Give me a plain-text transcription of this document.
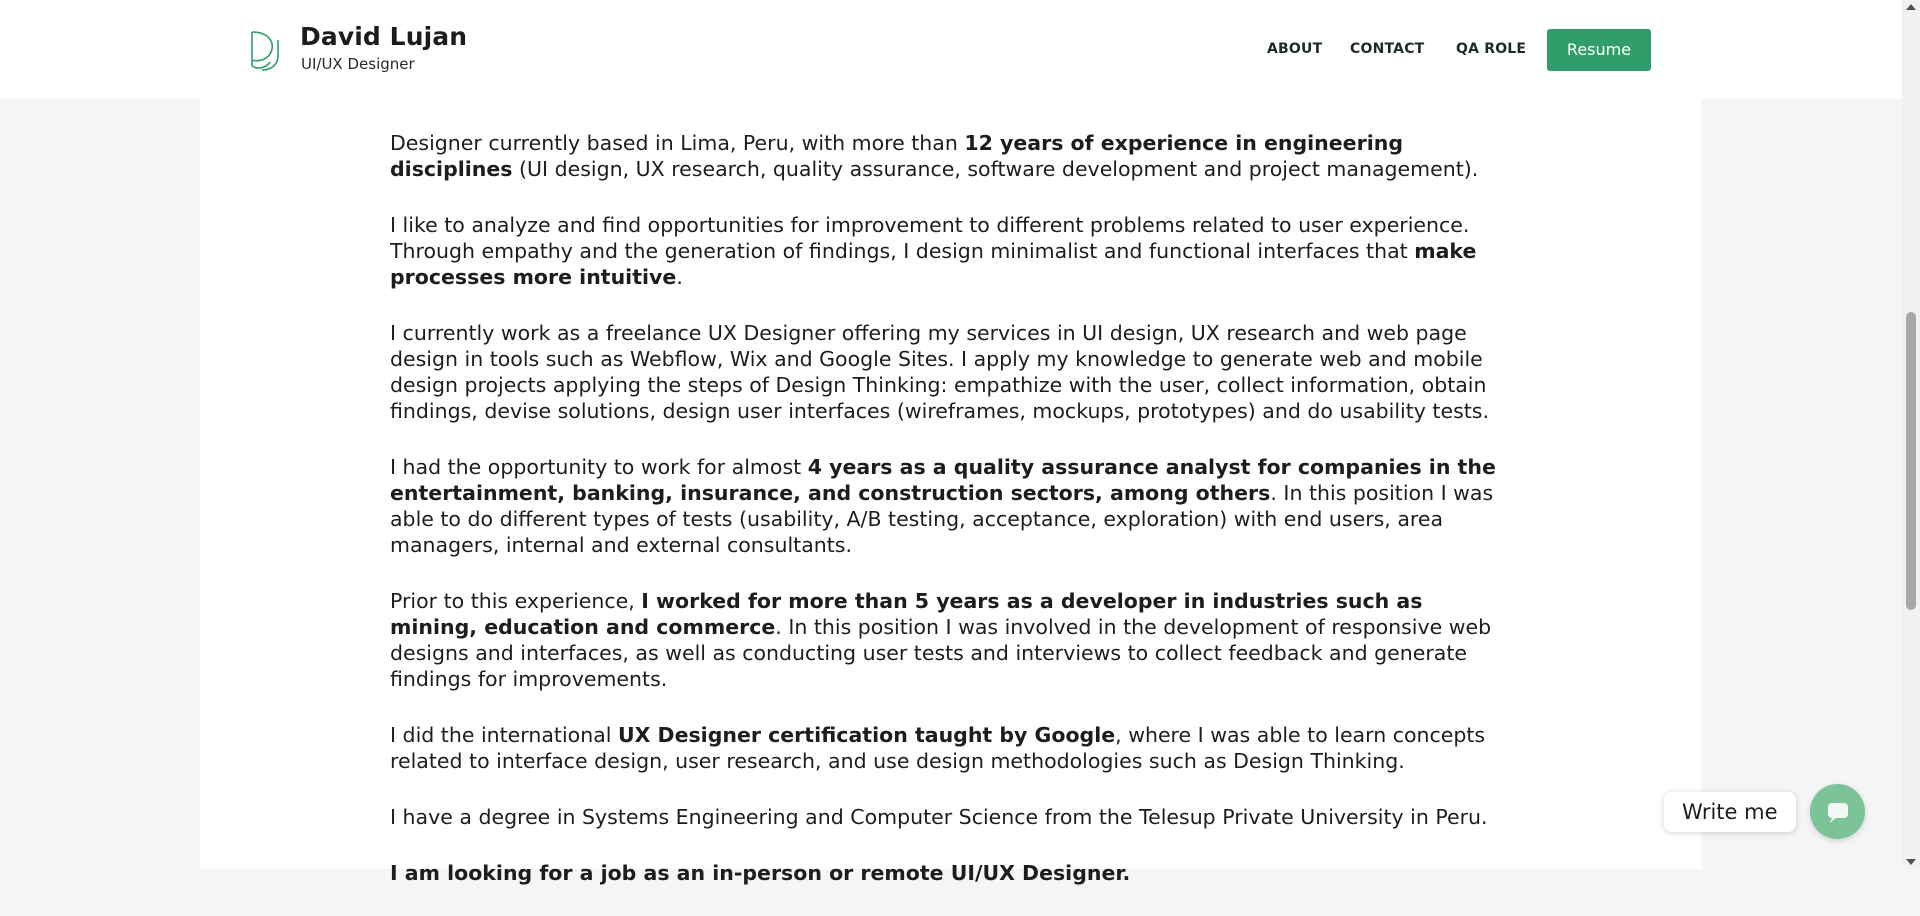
David Lujan
UI/UX Designer
ABOUT CONTACT QA ROLE	Resume

Designer currently based in Lima, Peru, with more than 12 years of experience in engineering disciplines (UI design, UX research, quality assurance, software development and project management).

I like to analyze and find opportunities for improvement to different problems related to user experience. Through empathy and the generation of findings, I design minimalist and functional interfaces that make processes more intuitive.

I currently work as a freelance UX Designer offering my services in UI design, UX research and web page design in tools such as Webflow, Wix and Google Sites. I apply my knowledge to generate web and mobile design projects applying the steps of Design Thinking: empathize with the user, collect information, obtain findings, devise solutions, design user interfaces (wireframes, mockups, prototypes) and do usability tests.

I had the opportunity to work for almost 4 years as a quality assurance analyst for companies in the entertainment, banking, insurance, and construction sectors, among others. In this position I was able to do different types of tests (usability, A/B testing, acceptance, exploration) with end users, area managers, internal and external consultants.

Prior to this experience, I worked for more than 5 years as a developer in industries such as mining, education and commerce. In this position I was involved in the development of responsive web designs and interfaces, as well as conducting user tests and interviews to collect feedback and generate findings for improvements.

I did the international UX Designer certification taught by Google, where I was able to learn concepts related to interface design, user research, and use design methodologies such as Design Thinking.

I have a degree in Systems Engineering and Computer Science from the Telesup Private University in Peru.

I am looking for a job as an in-person or remote UI/UX Designer.

Write me
